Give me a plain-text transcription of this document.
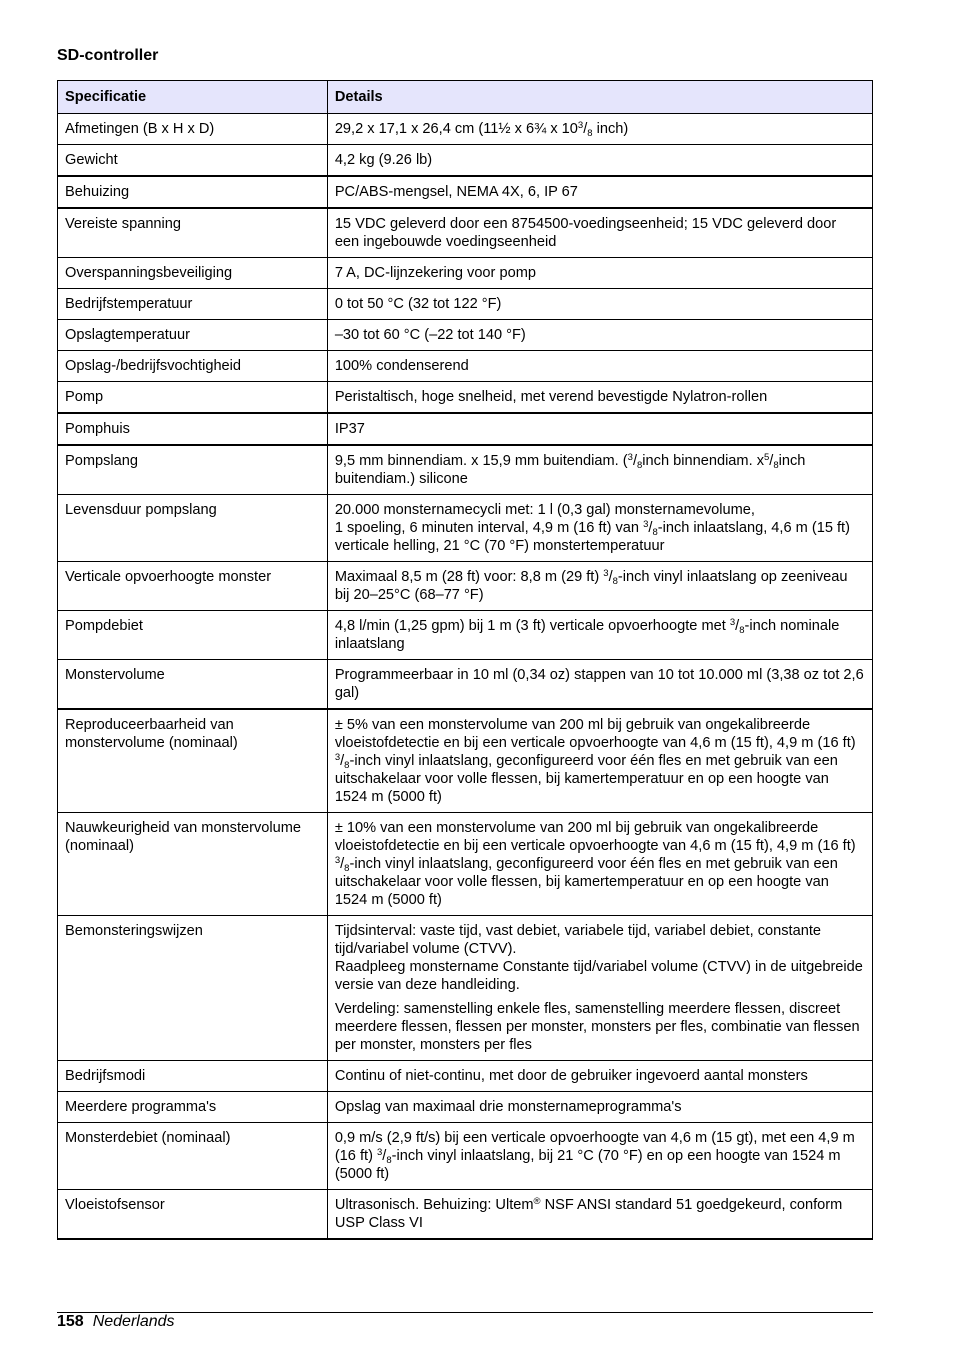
SD-controller
Specificatie	Details
Afmetingen (B x H x D)	29,2 x 17,1 x 26,4 cm (11½ x 6¾ x $10^3/_8$ inch)
Gewicht	4,2 kg (9.26 lb)
Behuizing	PC/ABS-mengsel, NEMA 4X, 6, IP 67
Vereiste spanning	15 VDC geleverd door een 8754500-voedingseenheid; 15 VDC geleverd door een ingebouwde voedingseenheid
Overspanningsbeveiliging	7 A, DC-lijnzekering voor pomp
Bedrijfstemperatuur	0 tot 50 °C (32 tot 122 °F)
Opslagtemperatuur	–30 tot 60 °C (–22 tot 140 °F)
Opslag-/bedrijfsvochtigheid	100% condenserend
Pomp	Peristaltisch, hoge snelheid, met verend bevestigde Nylatron-rollen
Pomphuis	IP37
Pompslang	9,5 mm binnendiam. x 15,9 mm buitendiam. ($^3/_8inch$ binnendiam. $x^5/_8inch$ buitendiam.) silicone
Levensduur pompslang	20.000 monsternamecycli met: 1 l (0,3 gal) monsternamevolume,
1 spoeling, 6 minuten interval, 4,9 m (16 ft) van $^3/_8$-inch inlaatslang, 4,6 m (15 ft) verticale helling, 21 °C (70 °F) monstertemperatuur
Verticale opvoerhoogte monster	Maximaal 8,5 m (28 ft) voor: 8,8 m (29 ft) $^3/_8$-inch vinyl inlaatslang op zeeniveau bij 20–25°C (68–77 °F)
Pompdebiet	4,8 l/min (1,25 gpm) bij 1 m (3 ft) verticale opvoerhoogte met $^3/_8$-inch nominale inlaatslang
Monstervolume	Programmeerbaar in 10 ml (0,34 oz) stappen van 10 tot 10.000 ml (3,38 oz tot 2,6 gal)
Reproduceerbaarheid van monstervolume (nominaal)	± 5% van een monstervolume van 200 ml bij gebruik van ongekalibreerde vloeistofdetectie en bij een verticale opvoerhoogte van 4,6 m (15 ft), 4,9 m (16 ft) $^3/_8$-inch vinyl inlaatslang, geconfigureerd voor één fles en met gebruik van een uitschakelaar voor volle flessen, bij kamertemperatuur en op een hoogte van 1524 m (5000 ft)
Nauwkeurigheid van monstervolume (nominaal)	± 10% van een monstervolume van 200 ml bij gebruik van ongekalibreerde vloeistofdetectie en bij een verticale opvoerhoogte van 4,6 m (15 ft), 4,9 m (16 ft) $^3/_8$-inch vinyl inlaatslang, geconfigureerd voor één fles en met gebruik van een uitschakelaar voor volle flessen, bij kamertemperatuur en op een hoogte van 1524 m (5000 ft)
Bemonsteringswijzen	Tijdsinterval: vaste tijd, vast debiet, variabele tijd, variabel debiet, constante tijd/variabel volume (CTVV).
Raadpleeg monstername Constante tijd/variabel volume (CTVV) in de uitgebreide versie van deze handleiding.
Verdeling: samenstelling enkele fles, samenstelling meerdere flessen, discreet meerdere flessen, flessen per monster, monsters per fles, combinatie van flessen per monster, monsters per fles

Bedrijfsmodi	Continu of niet-continu, met door de gebruiker ingevoerd aantal monsters
Meerdere programma's	Opslag van maximaal drie monsternameprogramma's
Monsterdebiet (nominaal)	0,9 m/s (2,9 ft/s) bij een verticale opvoerhoogte van 4,6 m (15 gt), met een 4,9 m (16 ft) $^3/_8$-inch vinyl inlaatslang, bij 21 °C (70 °F) en op een hoogte van 1524 m (5000 ft)
Vloeistofsensor	Ultrasonisch. Behuizing: Ultem® NSF ANSI standard 51 goedgekeurd, conform USP Class VI
158 Nederlands
